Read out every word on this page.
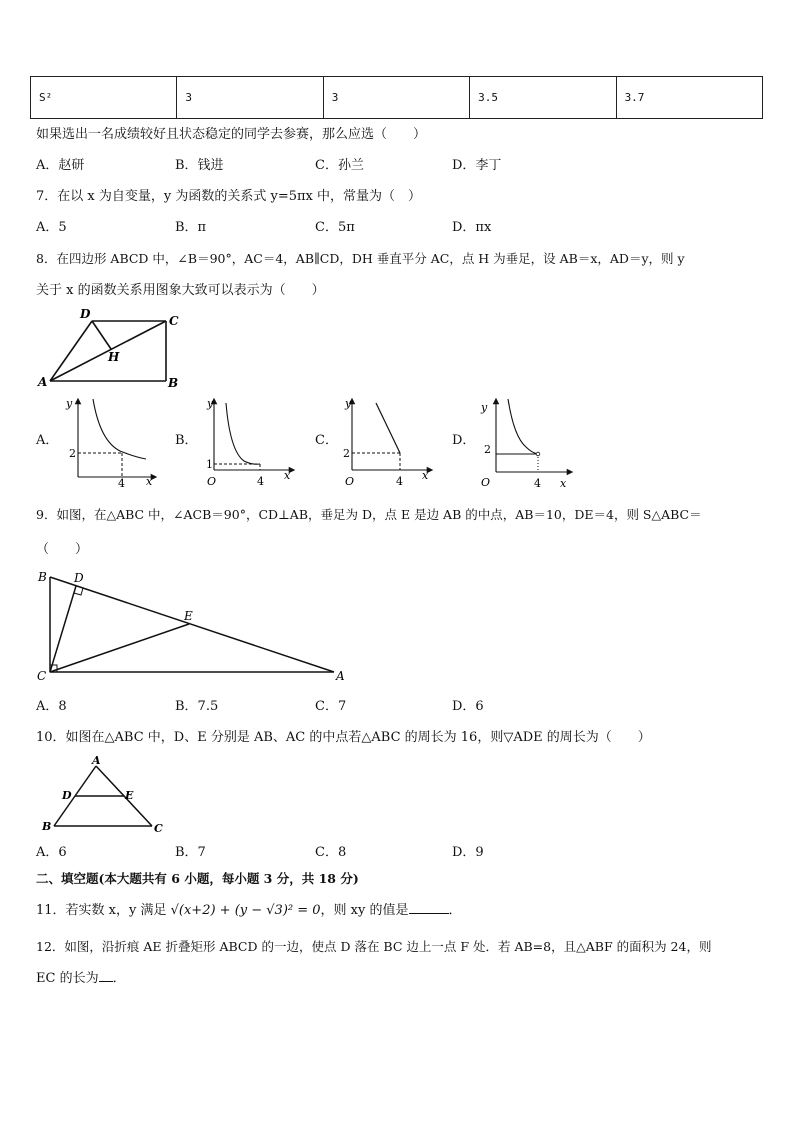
S²	3	3	3.5	3.7
如果选出一名成绩较好且状态稳定的同学去参赛，那么应选（　　）
A．赵研	B．钱进	C．孙兰	D．李丁
7．在以 x 为自变量，y 为函数的关系式 y=5πx 中，常量为（　）
A．5	B．π	C．5π	D．πx
8．在四边形 ABCD 中，∠B＝90°，AC＝4，AB∥CD，DH 垂直平分 AC，点 H 为垂足，设 AB＝x，AD＝y，则 y
关于 x 的函数关系用图象大致可以表示为（　　）
D	C
H
A	B
A．	B．	C．	D．
y
x
2
4
y
x
O
1
4
y
x
O
2
4
y
x
O
2
4
9．如图，在△ABC 中，∠ACB＝90°，CD⊥AB，垂足为 D，点 E 是边 AB 的中点，AB＝10，DE＝4，则 S△ABC＝
（　　）
B D
E
C	A
A．8	B．7.5	C．7	D．6
10．如图在△ABC 中，D、E 分别是 AB、AC 的中点若△ABC 的周长为 16，则▽ADE 的周长为（　　）
A
D	E
B	C
A．6	B．7	C．8	D．9
二、填空题(本大题共有 6 小题，每小题 3 分，共 18 分)
11．若实数 x，y 满足 √(x+2) + (y − √3)² = 0，则 xy 的值是	．
12．如图，沿折痕 AE 折叠矩形 ABCD 的一边，使点 D 落在 BC 边上一点 F 处．若 AB=8，且△ABF 的面积为 24，则
EC 的长为 ．
